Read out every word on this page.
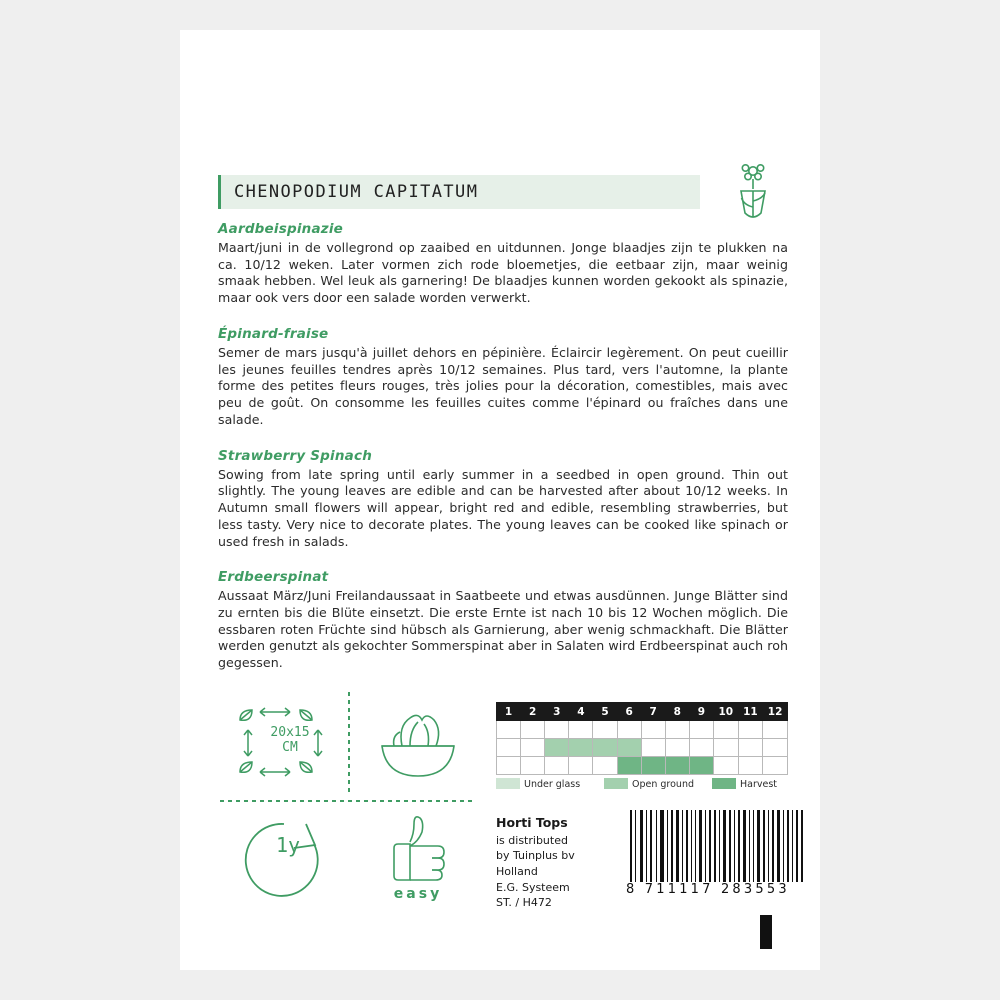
CHENOPODIUM CAPITATUM
Aardbeispinazie
Maart/juni in de vollegrond op zaaibed en uitdunnen. Jonge blaadjes zijn te plukken na ca. 10/12 weken. Later vormen zich rode bloemetjes, die eetbaar zijn, maar weinig smaak hebben. Wel leuk als garnering! De blaadjes kunnen worden gekookt als spinazie, maar ook vers door een salade worden verwerkt.
Épinard-fraise
Semer de mars jusqu'à juillet dehors en pépinière. Éclaircir legèrement. On peut cueillir les jeunes feuilles tendres après 10/12 semaines. Plus tard, vers l'automne, la plante forme des petites fleurs rouges, très jolies pour la décoration, comestibles, mais avec peu de goût. On consomme les feuilles cuites comme l'épinard ou fraîches dans une salade.
Strawberry Spinach
Sowing from late spring until early summer in a seedbed in open ground. Thin out slightly. The young leaves are edible and can be harvested after about 10/12 weeks. In Autumn small flowers will appear, bright red and edible, resembling strawberries, but less tasty. Very nice to decorate plates. The young leaves can be cooked like spinach or used fresh in salads.
Erdbeerspinat
Aussaat März/Juni Freilandaussaat in Saatbeete und etwas ausdünnen. Junge Blätter sind zu ernten bis die Blüte einsetzt. Die erste Ernte ist nach 10 bis 12 Wochen möglich. Die essbaren roten Früchte sind hübsch als Garnierung, aber wenig schmackhaft. Die Blätter werden genutzt als gekochter Sommerspinat aber in Salaten wird Erdbeerspinat auch roh gegessen.
20x15
CM
1y
easy
1	2	3	4	5	6	7	8	9	10	11	12

Under glass	Open ground	Harvest
Horti Tops
is distributed
by Tuinplus bv
Holland
E.G. Systeem
ST. / H472
8 711117 283553
